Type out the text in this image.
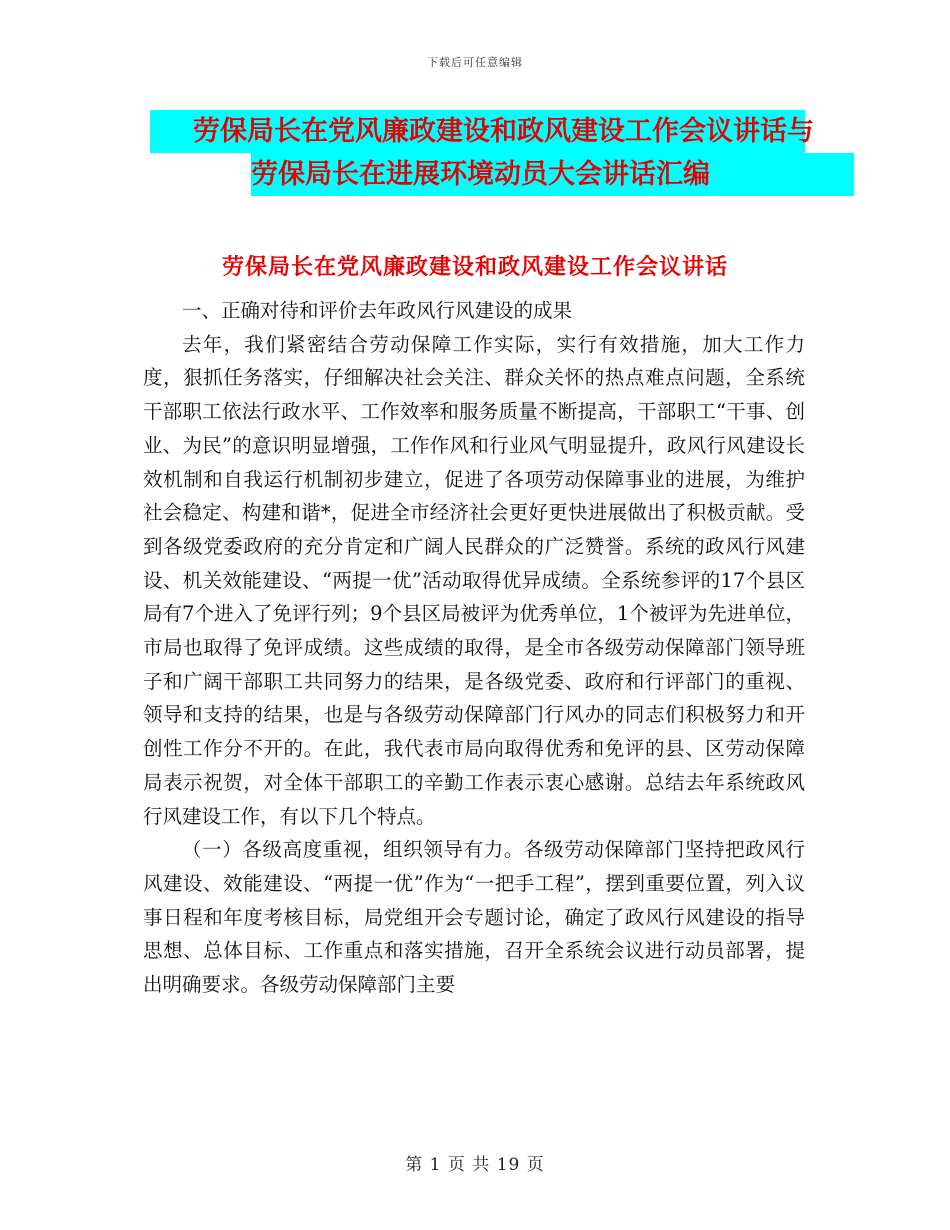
下载后可任意编辑
劳保局长在党风廉政建设和政风建设工作会议讲话与
劳保局长在进展环境动员大会讲话汇编
劳保局长在党风廉政建设和政风建设工作会议讲话

一、正确对待和评价去年政风行风建设的成果

去年，我们紧密结合劳动保障工作实际，实行有效措施，加大工作力度，狠抓任务落实，仔细解决社会关注、群众关怀的热点难点问题，全系统干部职工依法行政水平、工作效率和服务质量不断提高，干部职工“干事、创业、为民”的意识明显增强，工作作风和行业风气明显提升，政风行风建设长效机制和自我运行机制初步建立，促进了各项劳动保障事业的进展，为维护社会稳定、构建和谐*，促进全市经济社会更好更快进展做出了积极贡献。受到各级党委政府的充分肯定和广阔人民群众的广泛赞誉。系统的政风行风建设、机关效能建设、“两提一优”活动取得优异成绩。全系统参评的17个县区局有7个进入了免评行列；9个县区局被评为优秀单位，1个被评为先进单位，市局也取得了免评成绩。这些成绩的取得，是全市各级劳动保障部门领导班子和广阔干部职工共同努力的结果，是各级党委、政府和行评部门的重视、领导和支持的结果，也是与各级劳动保障部门行风办的同志们积极努力和开创性工作分不开的。在此，我代表市局向取得优秀和免评的县、区劳动保障局表示祝贺，对全体干部职工的辛勤工作表示衷心感谢。总结去年系统政风行风建设工作，有以下几个特点。

（一）各级高度重视，组织领导有力。各级劳动保障部门坚持把政风行风建设、效能建设、“两提一优”作为“一把手工程”，摆到重要位置，列入议事日程和年度考核目标，局党组开会专题讨论，确定了政风行风建设的指导思想、总体目标、工作重点和落实措施，召开全系统会议进行动员部署，提出明确要求。各级劳动保障部门主要

第 1 页 共 19 页
